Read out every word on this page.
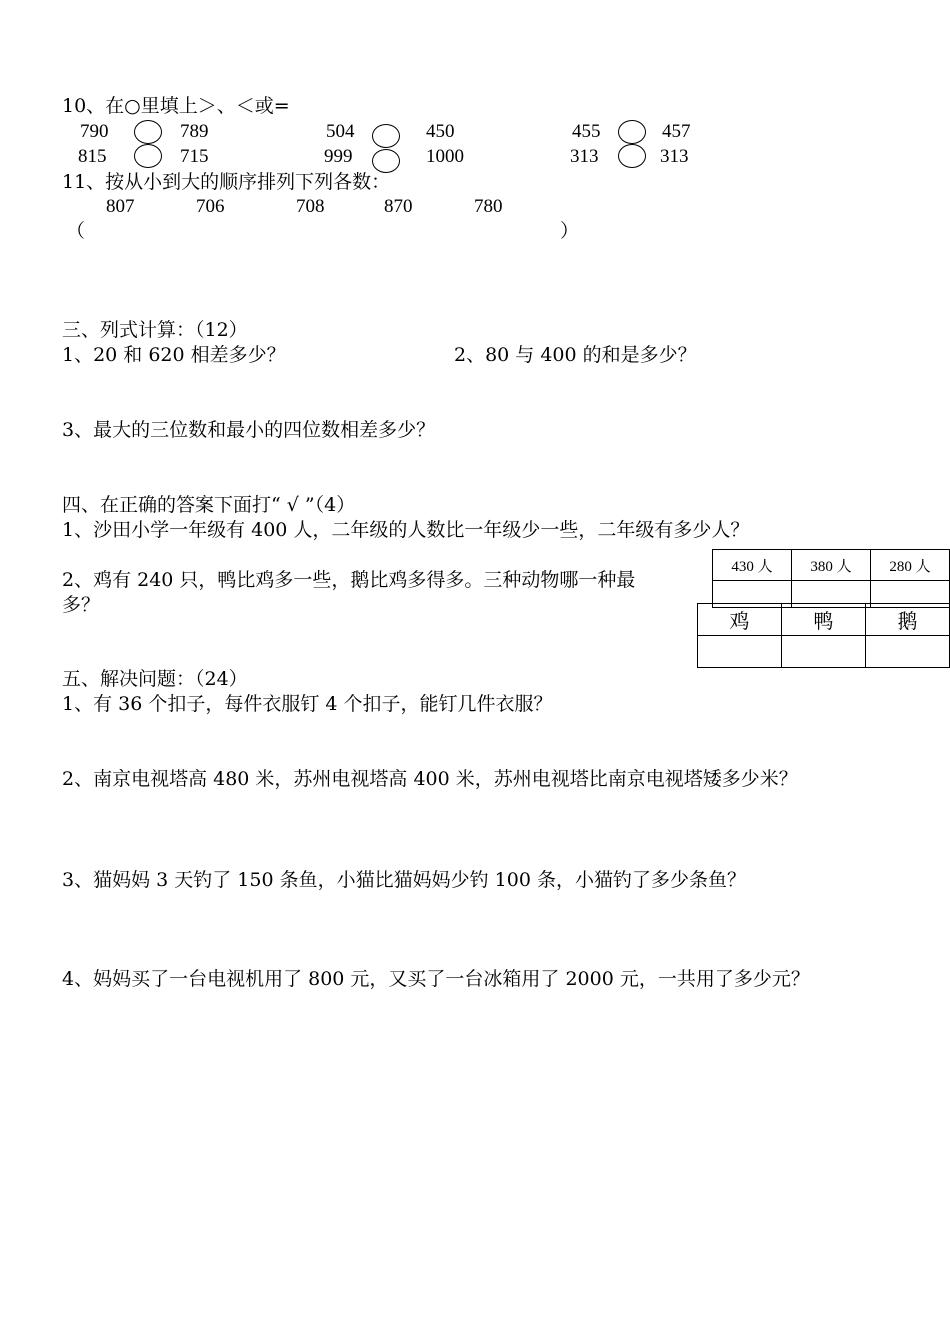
10、在○里填上＞、＜或=
790	789	504	450	455	457
815	715	999	1000	313	313
11、按从小到大的顺序排列下列各数：
807	706	708	870	780
（	）
三、列式计算：（12）
1、20 和 620 相差多少？	2、80 与 400 的和是多少？
3、最大的三位数和最小的四位数相差多少？
四、在正确的答案下面打“ √ ”（4）
1、沙田小学一年级有 400 人，二年级的人数比一年级少一些，二年级有多少人？
430 人	380 人	280 人

2、鸡有 240 只，鸭比鸡多一些，鹅比鸡多得多。三种动物哪一种最
多？
鸡	鸭	鹅

五、解决问题：（24）
1、有 36 个扣子，每件衣服钉 4 个扣子，能钉几件衣服？
2、南京电视塔高 480 米，苏州电视塔高 400 米，苏州电视塔比南京电视塔矮多少米？
3、猫妈妈 3 天钓了 150 条鱼，小猫比猫妈妈少钓 100 条，小猫钓了多少条鱼？
4、妈妈买了一台电视机用了 800 元，又买了一台冰箱用了 2000 元，一共用了多少元？
